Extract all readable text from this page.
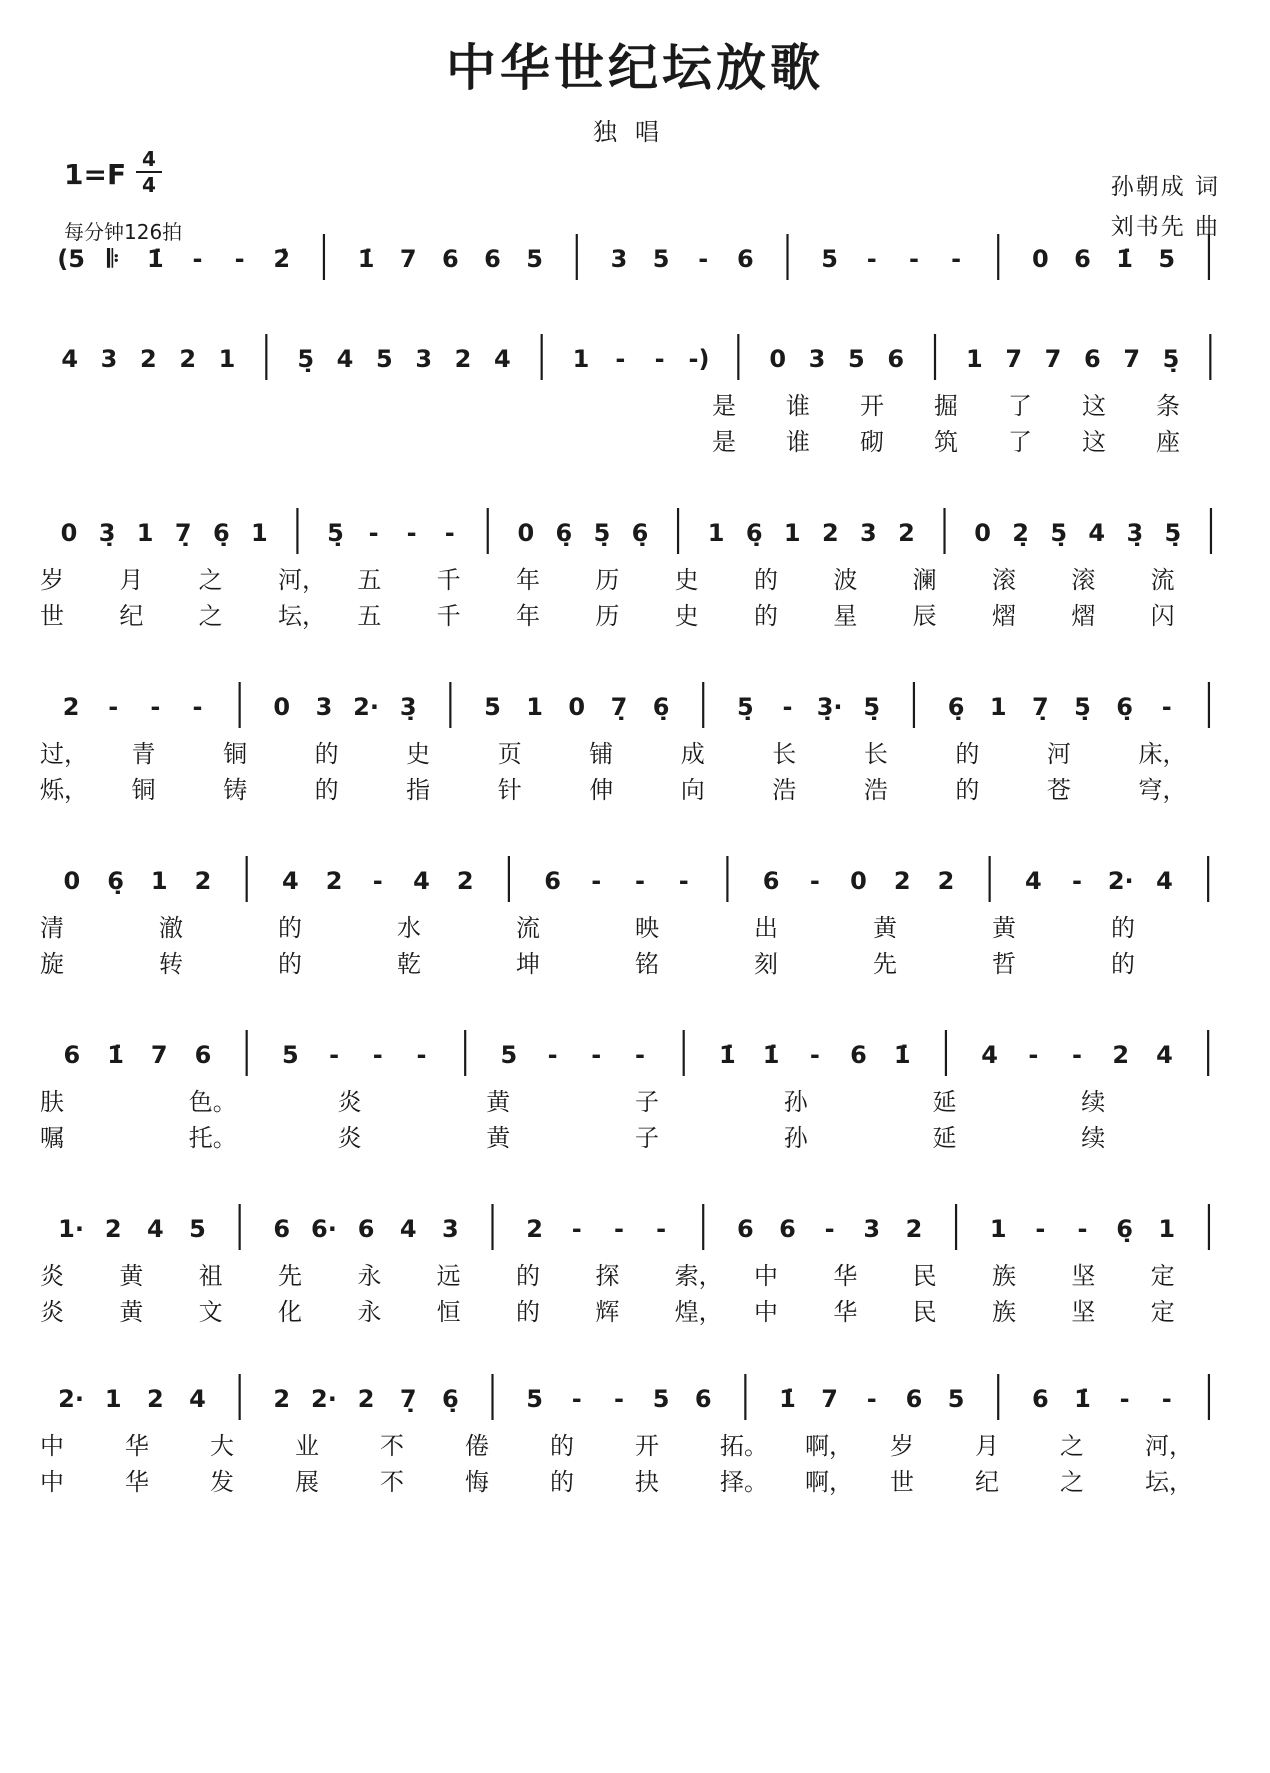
中华世纪坛放歌
独唱
1=F 4
4
每分钟126拍
孙朝成 词
刘书先 曲
(5 𝄆 1̇ - - 2̇	1̇ 7 6 6 5	3 5 - 6	5 - - -	0 6 1̇ 5
4 3 2 2 1	5̣ 4 5 3 2 4	1 - - -) 0 3 5 6	1 7 7 6 7 5̣
是 谁 开 掘 了 这 条
是 谁 砌 筑 了 这 座
0 3̣ 1 7̣ 6̣ 1 5̣ - - -	0 6̣ 5̣ 6̣ 1 6̣ 1 2 3 2 0 2̣ 5̣ 4 3̣ 5̣
岁 月 之 河， 五 千 年 历 史 的 波 澜 滚 滚 流
世 纪 之 坛， 五 千 年 历 史 的 星 辰 熠 熠 闪
2 - - -	0 3 2· 3̣	5 1 0 7̣ 6̣	5̣ - 3̣· 5̣	6̣ 1 7̣ 5̣ 6̣ -
过， 青	铜	的	史	页	铺	成	长	长	的	河	床，
烁， 铜	铸	的	指	针	伸	向	浩	浩	的	苍	穹，
0 6̣ 1 2	4 2 - 4 2	6 - - -	6 - 0 2 2	4 - 2· 4
清	澈	的	水	流	映	出	黄	黄	的
旋	转	的	乾	坤	铭	刻	先	哲	的
6 1̇ 7 6	5 - - -	5 - - -	1̇ 1̇ - 6 1̇	4 - - 2 4
肤	色。	炎	黄	子	孙	延	续
嘱	托。	炎	黄	子	孙	延	续
1· 2 4 5	6 6· 6 4 3	2 - - -	6 6 - 3 2	1 - - 6̣ 1
炎 黄 祖 先 永 远 的 探 索， 中 华 民 族 坚 定
炎 黄 文 化 永 恒 的 辉 煌， 中 华 民 族 坚 定
2· 1 2 4	2 2· 2 7̣ 6̣	5 - - 5 6	1̇ 7 - 6 5	6 1̇ - -
中	华	大	业	不	倦	的	开	拓。 啊， 岁	月	之	河，
中	华	发	展	不	悔	的	抉	择。 啊， 世	纪	之	坛，
